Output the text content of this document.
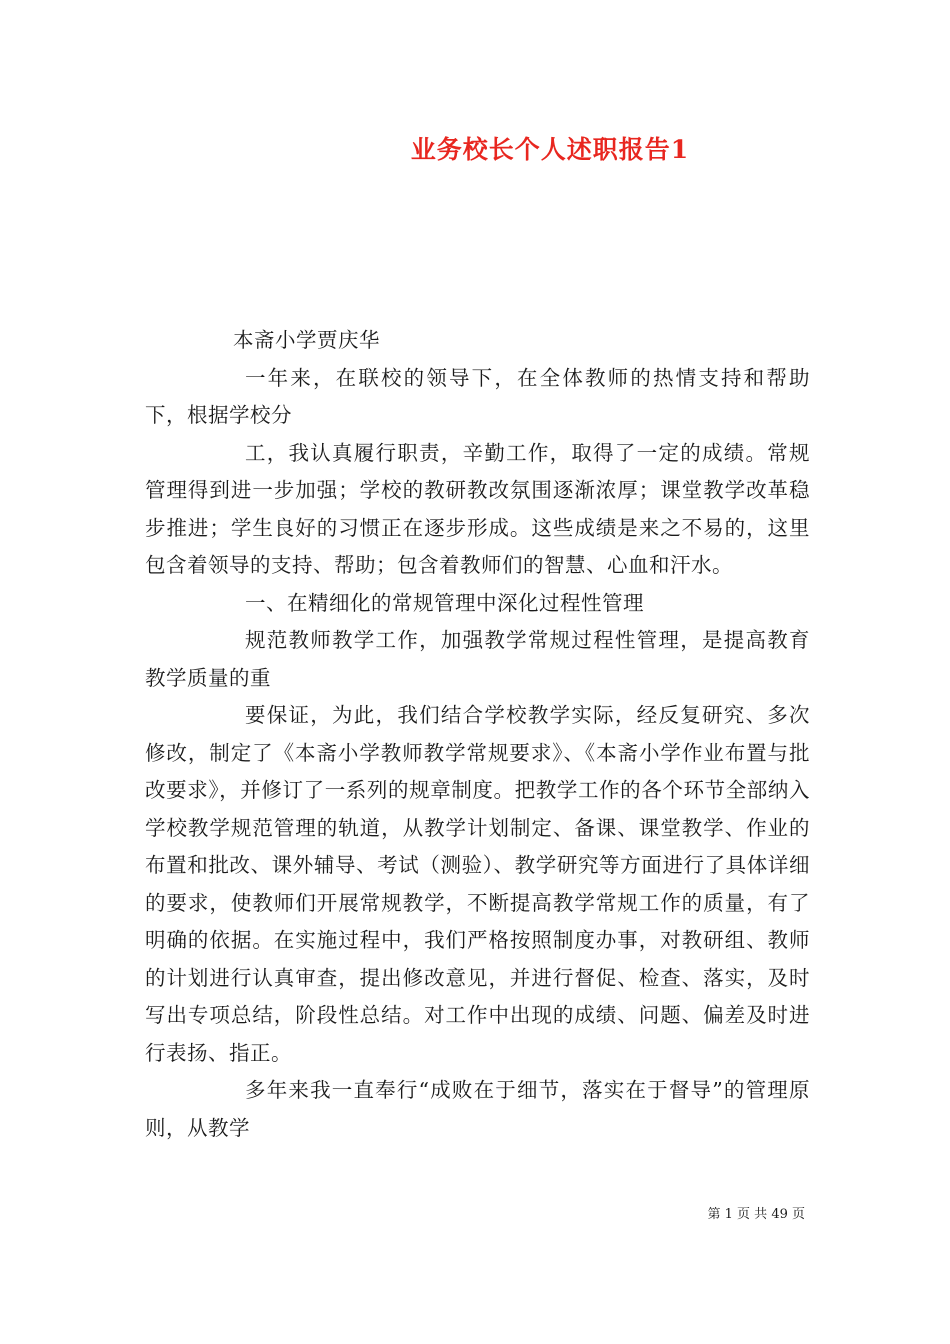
业务校长个人述职报告1

本斋小学贾庆华

一年来，在联校的领导下，在全体教师的热情支持和帮助下，根据学校分

工，我认真履行职责，辛勤工作，取得了一定的成绩。常规管理得到进一步加强；学校的教研教改氛围逐渐浓厚；课堂教学改革稳步推进；学生良好的习惯正在逐步形成。这些成绩是来之不易的，这里包含着领导的支持、帮助；包含着教师们的智慧、心血和汗水。

一、在精细化的常规管理中深化过程性管理

规范教师教学工作，加强教学常规过程性管理，是提高教育教学质量的重

要保证，为此，我们结合学校教学实际，经反复研究、多次修改，制定了《本斋小学教师教学常规要求》、《本斋小学作业布置与批改要求》，并修订了一系列的规章制度。把教学工作的各个环节全部纳入学校教学规范管理的轨道，从教学计划制定、备课、课堂教学、作业的布置和批改、课外辅导、考试（测验）、教学研究等方面进行了具体详细的要求，使教师们开展常规教学，不断提高教学常规工作的质量，有了明确的依据。在实施过程中，我们严格按照制度办事，对教研组、教师的计划进行认真审查，提出修改意见，并进行督促、检查、落实，及时写出专项总结，阶段性总结。对工作中出现的成绩、问题、偏差及时进行表扬、指正。

多年来我一直奉行“成败在于细节，落实在于督导”的管理原则，从教学

第 1 页 共 49 页
